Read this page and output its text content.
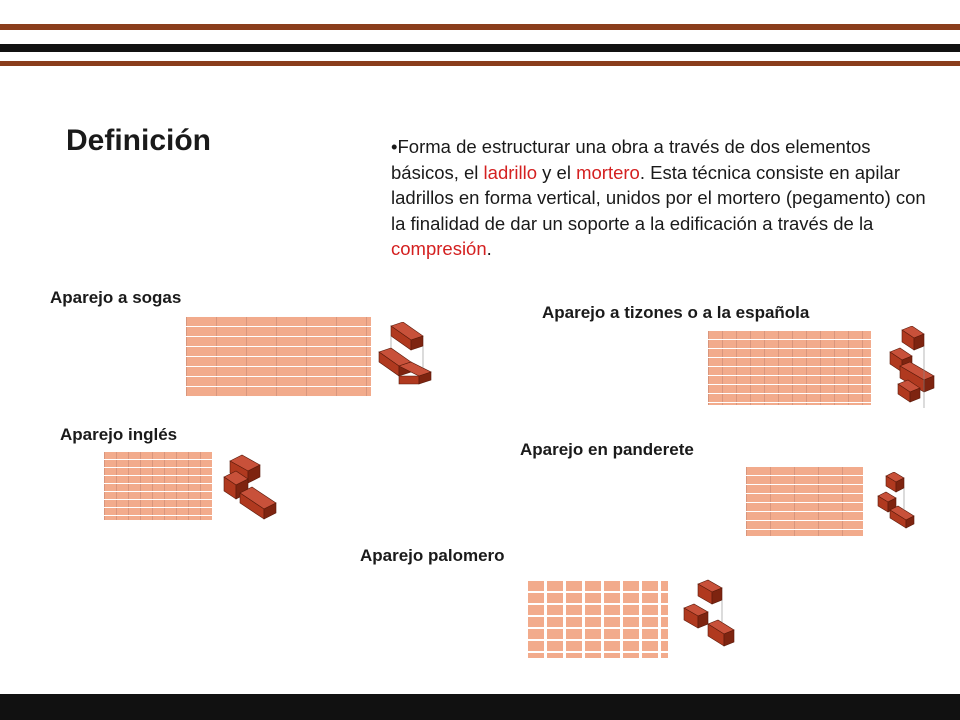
Definición	•Forma de estructurar una obra a través de dos elementos básicos, el ladrillo y el mortero. Esta técnica consiste en apilar ladrillos en forma vertical, unidos por el mortero (pegamento) con la finalidad de dar un soporte a la edificación a través de la compresión.

Aparejo a sogas
Aparejo a tizones o a la española
Aparejo inglés
Aparejo en panderete
Aparejo palomero
